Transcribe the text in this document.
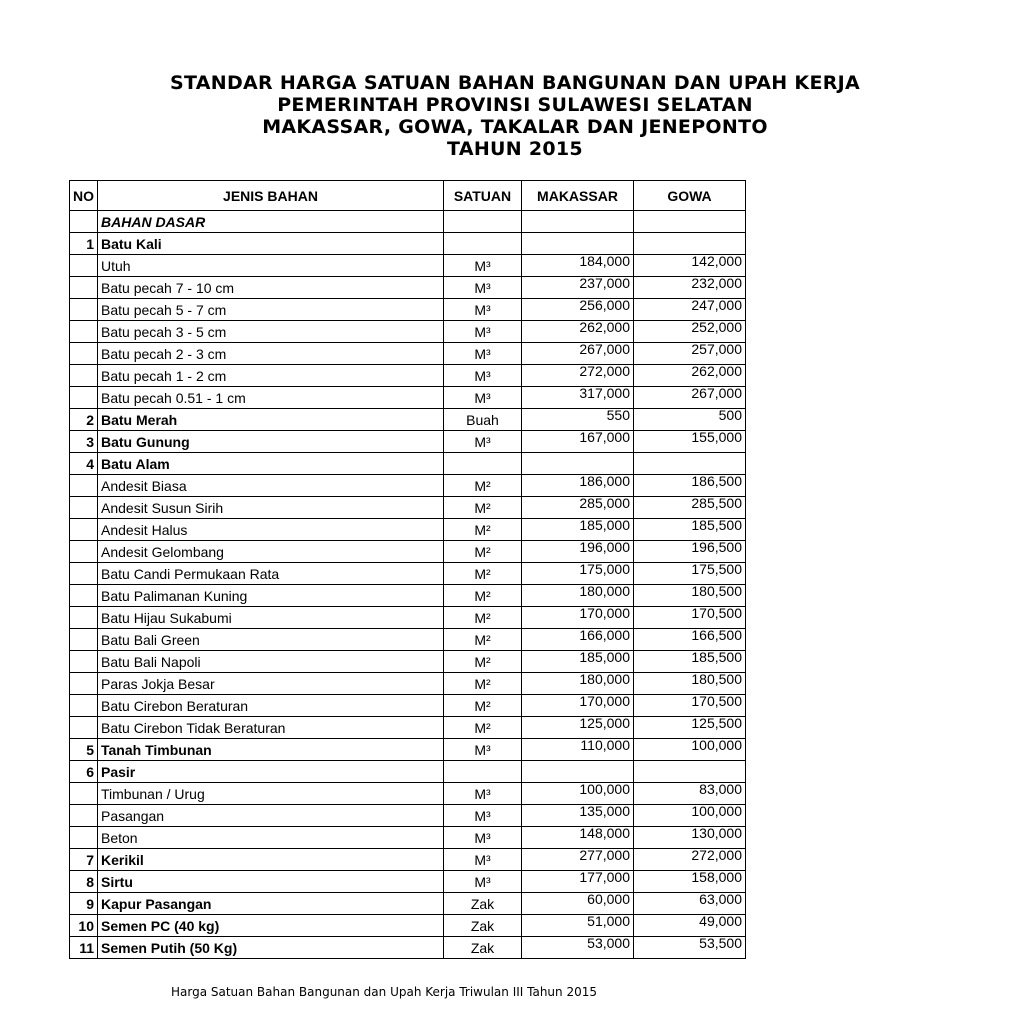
STANDAR HARGA SATUAN BAHAN BANGUNAN DAN UPAH KERJA
PEMERINTAH PROVINSI SULAWESI SELATAN
MAKASSAR, GOWA, TAKALAR DAN JENEPONTO
TAHUN 2015
NO	JENIS BAHAN	SATUAN	MAKASSAR	GOWA
	BAHAN DASAR			
1	Batu Kali			
	Utuh	M³	184,000	142,000
	Batu pecah 7 - 10 cm	M³	237,000	232,000
	Batu pecah 5 - 7 cm	M³	256,000	247,000
	Batu pecah 3 - 5 cm	M³	262,000	252,000
	Batu pecah 2 - 3 cm	M³	267,000	257,000
	Batu pecah 1 - 2 cm	M³	272,000	262,000
	Batu pecah 0.51 - 1 cm	M³	317,000	267,000
2	Batu Merah	Buah	550	500
3	Batu Gunung	M³	167,000	155,000
4	Batu Alam			
	Andesit Biasa	M²	186,000	186,500
	Andesit Susun Sirih	M²	285,000	285,500
	Andesit Halus	M²	185,000	185,500
	Andesit Gelombang	M²	196,000	196,500
	Batu Candi Permukaan Rata	M²	175,000	175,500
	Batu Palimanan Kuning	M²	180,000	180,500
	Batu Hijau Sukabumi	M²	170,000	170,500
	Batu Bali Green	M²	166,000	166,500
	Batu Bali Napoli	M²	185,000	185,500
	Paras Jokja Besar	M²	180,000	180,500
	Batu Cirebon Beraturan	M²	170,000	170,500
	Batu Cirebon Tidak Beraturan	M²	125,000	125,500
5	Tanah Timbunan	M³	110,000	100,000
6	Pasir			
	Timbunan / Urug	M³	100,000	83,000
	Pasangan	M³	135,000	100,000
	Beton	M³	148,000	130,000
7	Kerikil	M³	277,000	272,000
8	Sirtu	M³	177,000	158,000
9	Kapur Pasangan	Zak	60,000	63,000
10	Semen PC (40 kg)	Zak	51,000	49,000
11	Semen Putih (50 Kg)	Zak	53,000	53,500
Harga Satuan Bahan Bangunan dan Upah Kerja Triwulan III Tahun 2015
